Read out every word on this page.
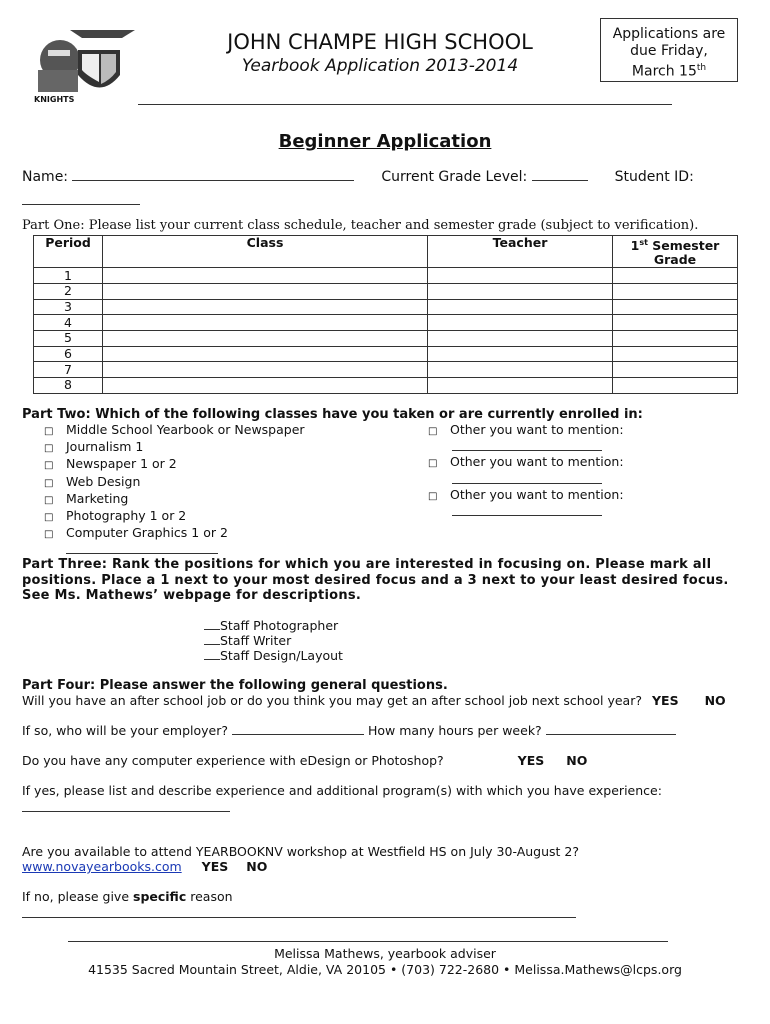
KNIGHTS
JOHN CHAMPE HIGH SCHOOL
Yearbook Application 2013-2014
Applications are
due Friday,
March 15th
Beginner Application
Name:	Current Grade Level:	Student ID:
Part One: Please list your current class schedule, teacher and semester grade (subject to verification).
Period	Class	Teacher	1st Semester
Grade
1			
2			
3			
4			
5			
6			
7			
8			
Part Two: Which of the following classes have you taken or are currently enrolled in:
□ Middle School Yearbook or Newspaper
□ Journalism 1
□ Newspaper 1 or 2
□ Web Design
□ Marketing
□ Photography 1 or 2
□ Computer Graphics 1 or 2
□ Other you want to mention:
□ Other you want to mention:
□ Other you want to mention:
Part Three: Rank the positions for which you are interested in focusing on. Please mark all positions. Place a 1 next to your most desired focus and a 3 next to your least desired focus. See Ms. Mathews’ webpage for descriptions.
Staff Photographer
Staff Writer
Staff Design/Layout
Part Four: Please answer the following general questions.
Will you have an after school job or do you think you may get an after school job next school year? YES NO
If so, who will be your employer?	How many hours per week?
Do you have any computer experience with eDesign or Photoshop?	YES NO
If yes, please list and describe experience and additional program(s) with which you have experience:
Are you available to attend YEARBOOKNV workshop at Westfield HS on July 30-August 2?
www.novayearbooks.com YES NO
If no, please give specific reason
Melissa Mathews, yearbook adviser
41535 Sacred Mountain Street, Aldie, VA 20105 • (703) 722-2680 • Melissa.Mathews@lcps.org
